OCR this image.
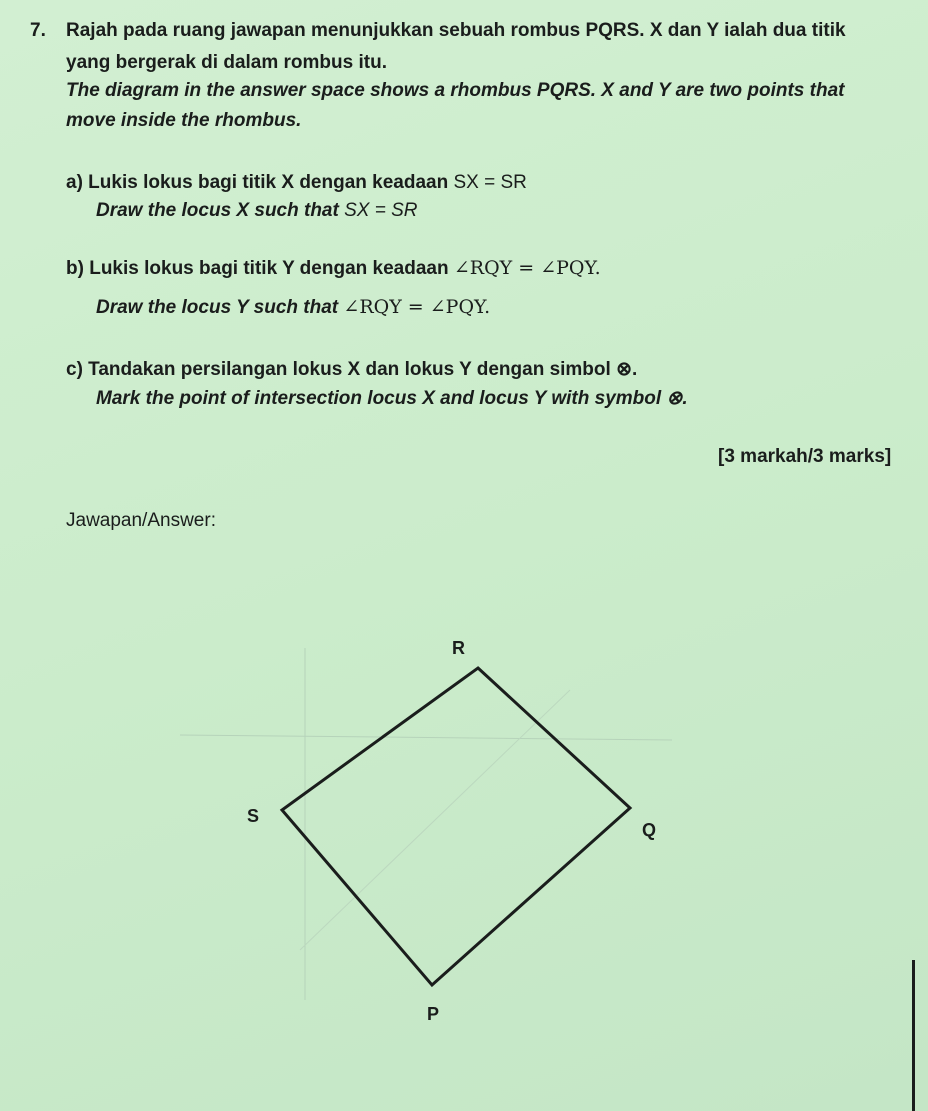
7. Rajah pada ruang jawapan menunjukkan sebuah rombus PQRS. X dan Y ialah dua titik
yang bergerak di dalam rombus itu.
The diagram in the answer space shows a rhombus PQRS. X and Y are two points that
move inside the rhombus.
a) Lukis lokus bagi titik X dengan keadaan SX = SR
Draw the locus X such that SX = SR
b) Lukis lokus bagi titik Y dengan keadaan ∠RQY = ∠PQY.
Draw the locus Y such that ∠RQY = ∠PQY.
c) Tandakan persilangan lokus X dan lokus Y dengan simbol ⊗.
Mark the point of intersection locus X and locus Y with symbol ⊗.
[3 markah/3 marks]
Jawapan/Answer:
R
Q
P
S
